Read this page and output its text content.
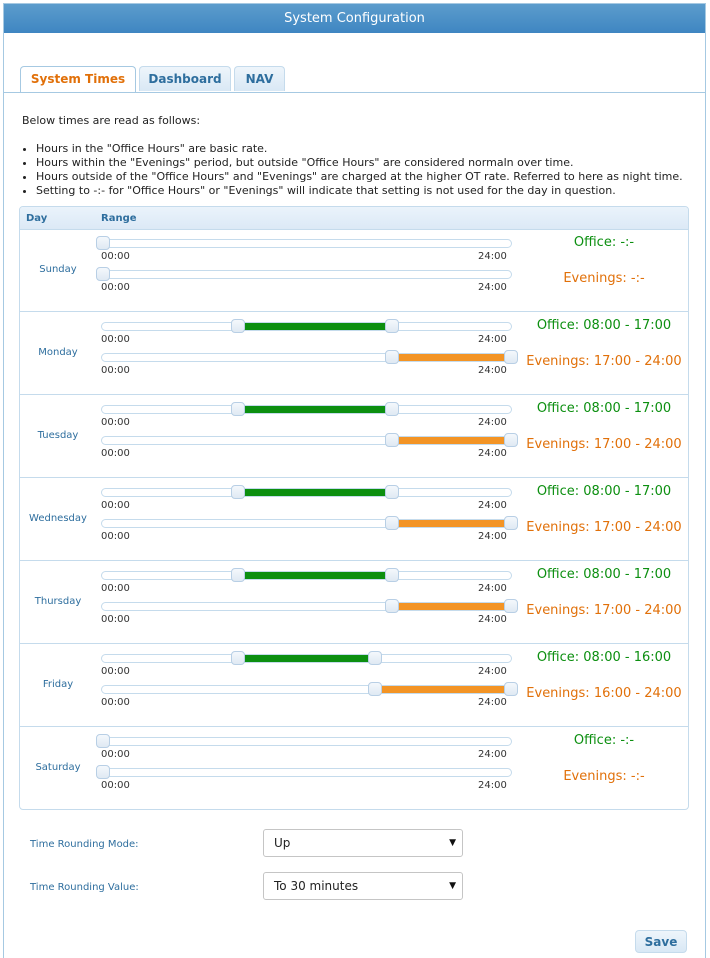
System Configuration
System Times	Dashboard	NAV
Below times are read as follows:
• Hours in the "Office Hours" are basic rate.
• Hours within the "Evenings" period, but outside "Office Hours" are considered normaln over time.
• Hours outside of the "Office Hours" and "Evenings" are charged at the higher OT rate. Referred to here as night time.
• Setting to -:- for "Office Hours" or "Evenings" will indicate that setting is not used for the day in question.
Day	Range
Sunday
00:00	24:00
00:00	24:00
Office: -:-
Evenings: -:-
Monday
00:00	24:00
00:00	24:00
Office: 08:00 - 17:00
Evenings: 17:00 - 24:00
Tuesday
00:00	24:00
00:00	24:00
Office: 08:00 - 17:00
Evenings: 17:00 - 24:00
Wednesday
00:00	24:00
00:00	24:00
Office: 08:00 - 17:00
Evenings: 17:00 - 24:00
Thursday
00:00	24:00
00:00	24:00
Office: 08:00 - 17:00
Evenings: 17:00 - 24:00
Friday
00:00	24:00
00:00	24:00
Office: 08:00 - 16:00
Evenings: 16:00 - 24:00
Saturday
00:00	24:00
00:00	24:00
Office: -:-
Evenings: -:-
Time Rounding Mode:	Up	▼
Time Rounding Value:	To 30 minutes	▼
Save
